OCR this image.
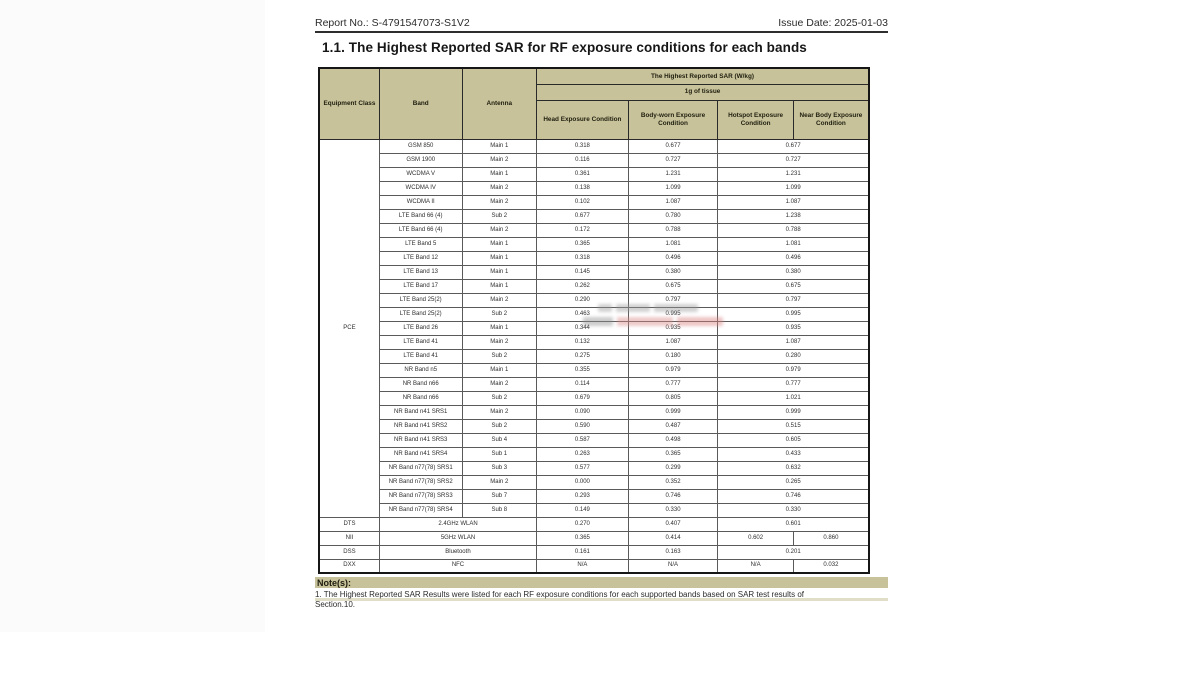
Report No.: S-4791547073-S1V2	Issue Date: 2025-01-03
1.1. The Highest Reported SAR for RF exposure conditions for each bands
Equipment Class	Band	Antenna	The Highest Reported SAR (W/kg)			
			1g of tissue			
			Head Exposure Condition	Body-worn Exposure Condition	Hotspot Exposure Condition	Near Body Exposure Condition
PCE	GSM 850	Main 1	0.318	0.677	0.677	
	GSM 1900	Main 2	0.116	0.727	0.727	
	WCDMA V	Main 1	0.361	1.231	1.231	
	WCDMA IV	Main 2	0.138	1.099	1.099	
	WCDMA II	Main 2	0.102	1.087	1.087	
	LTE Band 66 (4)	Sub 2	0.677	0.780	1.238	
	LTE Band 66 (4)	Main 2	0.172	0.788	0.788	
	LTE Band 5	Main 1	0.365	1.081	1.081	
	LTE Band 12	Main 1	0.318	0.496	0.496	
	LTE Band 13	Main 1	0.145	0.380	0.380	
	LTE Band 17	Main 1	0.262	0.675	0.675	
	LTE Band 25(2)	Main 2	0.290	0.797	0.797	
	LTE Band 25(2)	Sub 2	0.463	0.995	0.995	
	LTE Band 26	Main 1	0.344	0.935	0.935	
	LTE Band 41	Main 2	0.132	1.087	1.087	
	LTE Band 41	Sub 2	0.275	0.180	0.280	
	NR Band n5	Main 1	0.355	0.979	0.979	
	NR Band n66	Main 2	0.114	0.777	0.777	
	NR Band n66	Sub 2	0.679	0.805	1.021	
	NR Band n41 SRS1	Main 2	0.090	0.999	0.999	
	NR Band n41 SRS2	Sub 2	0.590	0.487	0.515	
	NR Band n41 SRS3	Sub 4	0.587	0.498	0.605	
	NR Band n41 SRS4	Sub 1	0.263	0.365	0.433	
	NR Band n77(78) SRS1	Sub 3	0.577	0.299	0.632	
	NR Band n77(78) SRS2	Main 2	0.000	0.352	0.265	
	NR Band n77(78) SRS3	Sub 7	0.293	0.746	0.746	
	NR Band n77(78) SRS4	Sub 8	0.149	0.330	0.330	
DTS	2.4GHz WLAN		0.270	0.407	0.601	
NII	5GHz WLAN		0.365	0.414	0.602	0.860
DSS	Bluetooth		0.161	0.163	0.201	
DXX	NFC		N/A	N/A	N/A	0.032
Note(s):
1. The Highest Reported SAR Results were listed for each RF exposure conditions for each supported bands based on SAR test results of
Section.10.
